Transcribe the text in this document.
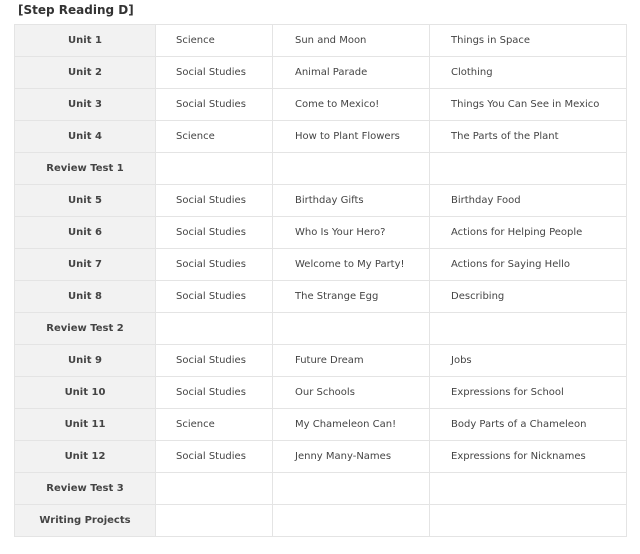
[Step Reading D]
Unit 1	Science	Sun and Moon	Things in Space
Unit 2	Social Studies	Animal Parade	Clothing
Unit 3	Social Studies	Come to Mexico!	Things You Can See in Mexico
Unit 4	Science	How to Plant Flowers	The Parts of the Plant
Review Test 1			
Unit 5	Social Studies	Birthday Gifts	Birthday Food
Unit 6	Social Studies	Who Is Your Hero?	Actions for Helping People
Unit 7	Social Studies	Welcome to My Party!	Actions for Saying Hello
Unit 8	Social Studies	The Strange Egg	Describing
Review Test 2			
Unit 9	Social Studies	Future Dream	Jobs
Unit 10	Social Studies	Our Schools	Expressions for School
Unit 11	Science	My Chameleon Can!	Body Parts of a Chameleon
Unit 12	Social Studies	Jenny Many-Names	Expressions for Nicknames
Review Test 3			
Writing Projects			
